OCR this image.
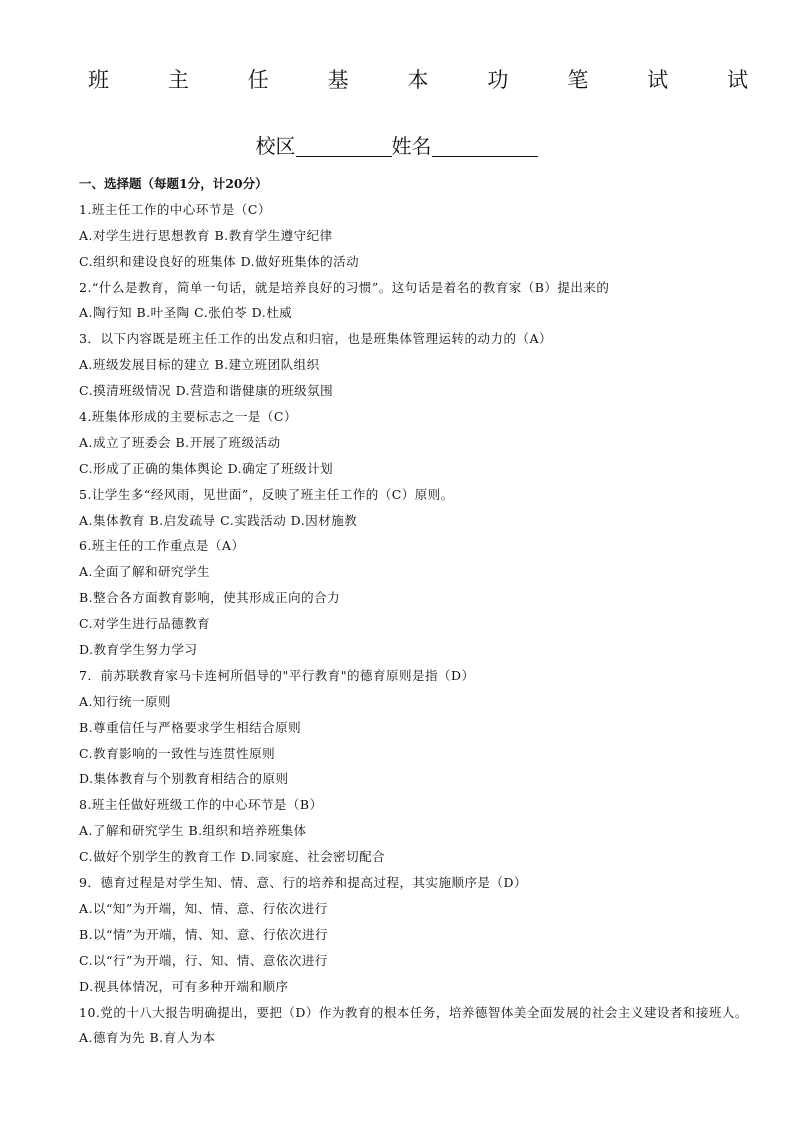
班	主	任	基	本	功	笔	试	试
校区	姓名
一、选择题（每题1分，计20分）
1.班主任工作的中心环节是（C）
A.对学生进行思想教育 B.教育学生遵守纪律
C.组织和建设良好的班集体 D.做好班集体的活动
2.“什么是教育，简单一句话，就是培养良好的习惯”。这句话是着名的教育家（B）提出来的
A.陶行知 B.叶圣陶 C.张伯苓 D.杜威
3．以下内容既是班主任工作的出发点和归宿，也是班集体管理运转的动力的（A）
A.班级发展目标的建立 B.建立班团队组织
C.摸清班级情况 D.营造和谐健康的班级氛围
4.班集体形成的主要标志之一是（C）
A.成立了班委会 B.开展了班级活动
C.形成了正确的集体舆论 D.确定了班级计划
5.让学生多“经风雨，见世面”，反映了班主任工作的（C）原则。
A.集体教育 B.启发疏导 C.实践活动 D.因材施教
6.班主任的工作重点是（A）
A.全面了解和研究学生
B.整合各方面教育影响，使其形成正向的合力
C.对学生进行品德教育
D.教育学生努力学习
7．前苏联教育家马卡连柯所倡导的"平行教育"的德育原则是指（D）
A.知行统一原则
B.尊重信任与严格要求学生相结合原则
C.教育影响的一致性与连贯性原则
D.集体教育与个别教育相结合的原则
8.班主任做好班级工作的中心环节是（B）
A.了解和研究学生 B.组织和培养班集体
C.做好个别学生的教育工作 D.同家庭、社会密切配合
9．德育过程是对学生知、情、意、行的培养和提高过程，其实施顺序是（D）
A.以“知”为开端，知、情、意、行依次进行
B.以“情”为开端，情、知、意、行依次进行
C.以“行”为开端，行、知、情、意依次进行
D.视具体情况，可有多种开端和顺序
10.党的十八大报告明确提出，要把（D）作为教育的根本任务，培养德智体美全面发展的社会主义建设者和接班人。
A.德育为先 B.育人为本
